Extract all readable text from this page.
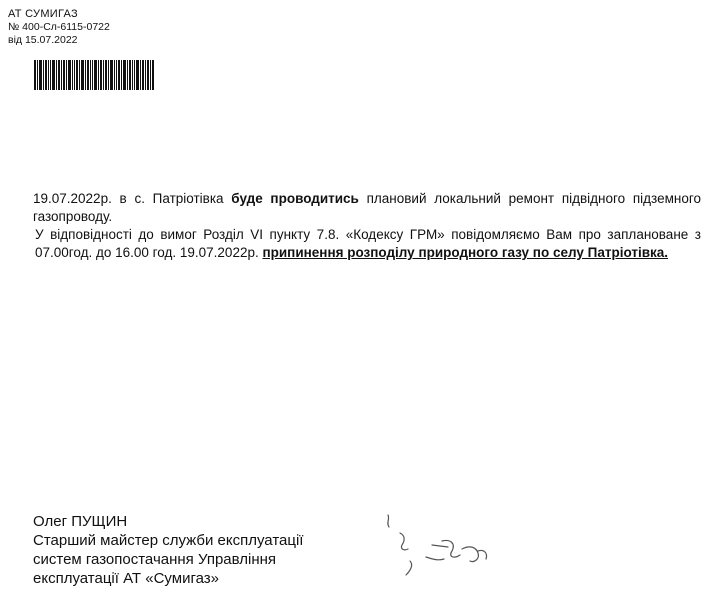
АТ СУМИГАЗ
№ 400-Сл-6115-0722
від 15.07.2022

19.07.2022р. в с. Патріотівка буде проводитись плановий локальний ремонт підвідного підземного газопроводу.

У відповідності до вимог Розділ VI пункту 7.8. «Кодексу ГРМ» повідомляємо Вам про заплановане з 07.00год. до 16.00 год. 19.07.2022р. припинення розподілу природного газу по селу Патріотівка.

Олег ПУЩИН
Старший майстер служби експлуатації
систем газопостачання Управління
експлуатації АТ «Сумигаз»
